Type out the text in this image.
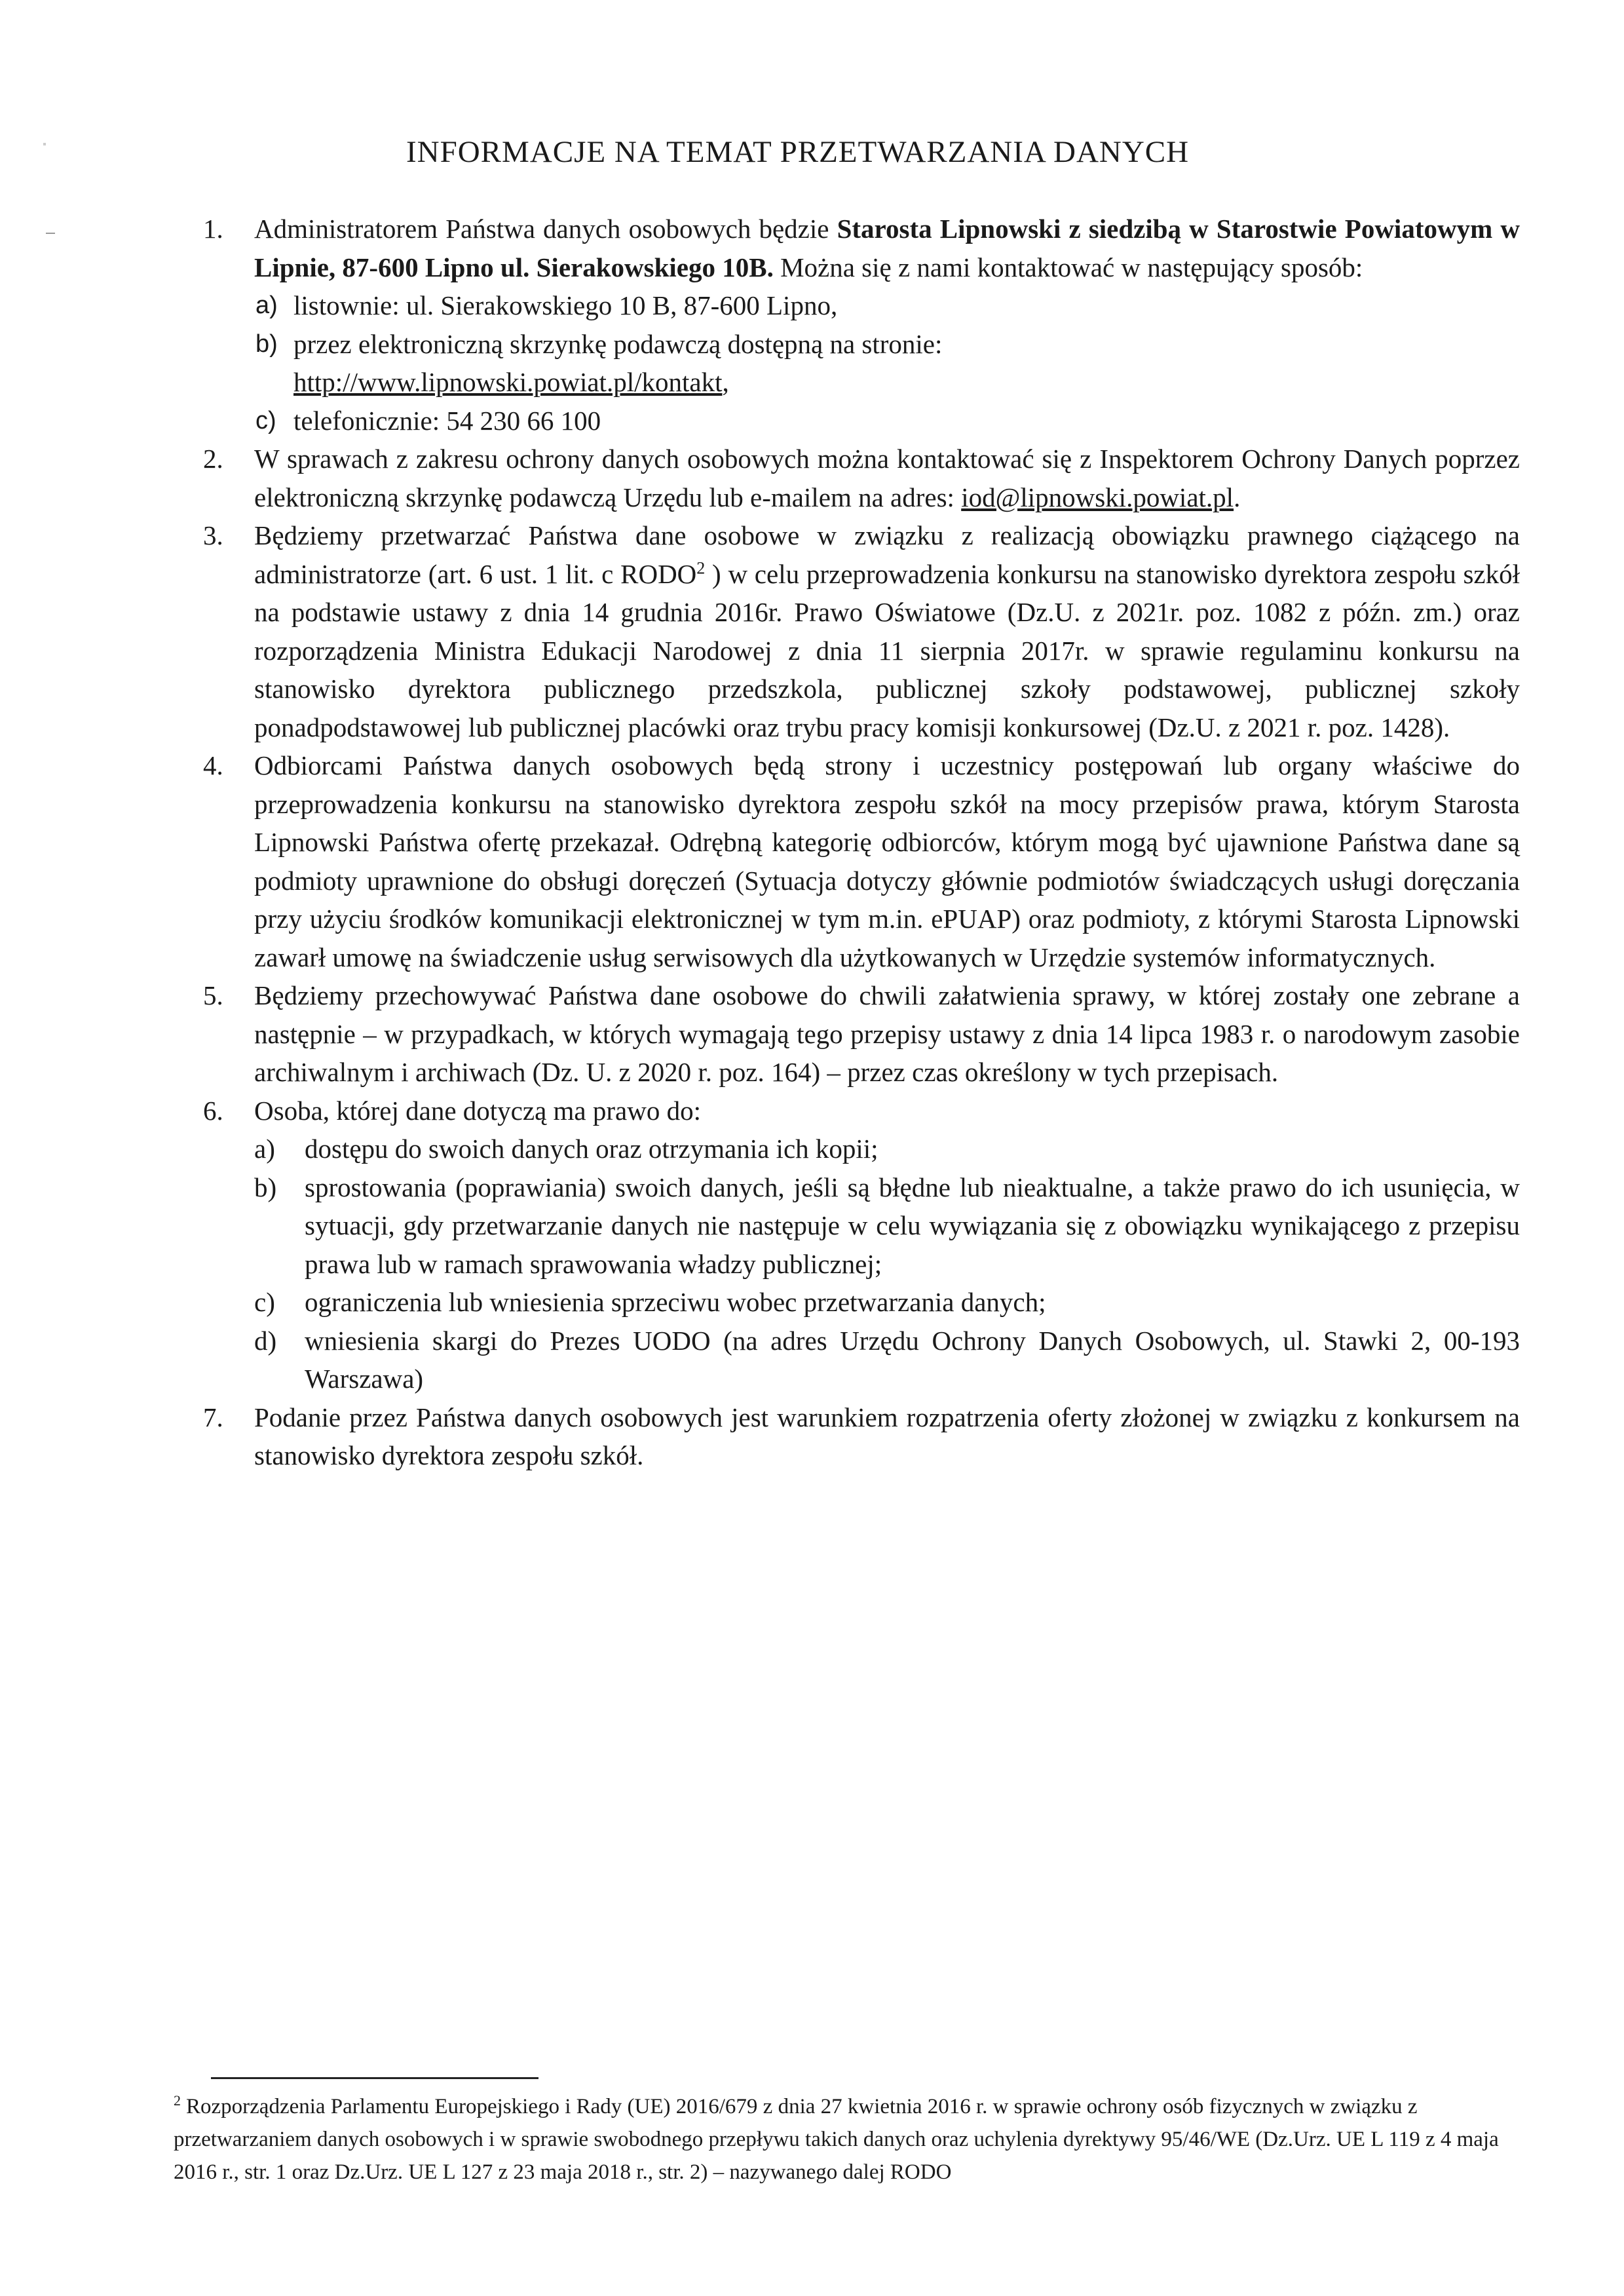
INFORMACJE NA TEMAT PRZETWARZANIA DANYCH
1. Administratorem Państwa danych osobowych będzie Starosta Lipnowski z siedzibą w Starostwie Powiatowym w Lipnie, 87-600 Lipno ul. Sierakowskiego 10B. Można się z nami kontaktować w następujący sposób:
a) listownie: ul. Sierakowskiego 10 B, 87-600 Lipno,
b) przez elektroniczną skrzynkę podawczą dostępną na stronie:
http://www.lipnowski.powiat.pl/kontakt,
c) telefonicznie: 54 230 66 100
2. W sprawach z zakresu ochrony danych osobowych można kontaktować się z Inspektorem Ochrony Danych poprzez elektroniczną skrzynkę podawczą Urzędu lub e-mailem na adres: iod@lipnowski.powiat.pl.
3. Będziemy przetwarzać Państwa dane osobowe w związku z realizacją obowiązku prawnego ciążącego na administratorze (art. 6 ust. 1 lit. c RODO$^2$ ) w celu przeprowadzenia konkursu na stanowisko dyrektora zespołu szkół na podstawie ustawy z dnia 14 grudnia 2016r. Prawo Oświatowe (Dz.U. z 2021r. poz. 1082 z późn. zm.) oraz rozporządzenia Ministra Edukacji Narodowej z dnia 11 sierpnia 2017r. w sprawie regulaminu konkursu na stanowisko dyrektora publicznego przedszkola, publicznej szkoły podstawowej, publicznej szkoły ponadpodstawowej lub publicznej placówki oraz trybu pracy komisji konkursowej (Dz.U. z 2021 r. poz. 1428).
4. Odbiorcami Państwa danych osobowych będą strony i uczestnicy postępowań lub organy właściwe do przeprowadzenia konkursu na stanowisko dyrektora zespołu szkół na mocy przepisów prawa, którym Starosta Lipnowski Państwa ofertę przekazał. Odrębną kategorię odbiorców, którym mogą być ujawnione Państwa dane są podmioty uprawnione do obsługi doręczeń (Sytuacja dotyczy głównie podmiotów świadczących usługi doręczania przy użyciu środków komunikacji elektronicznej w tym m.in. ePUAP) oraz podmioty, z którymi Starosta Lipnowski zawarł umowę na świadczenie usług serwisowych dla użytkowanych w Urzędzie systemów informatycznych.
5. Będziemy przechowywać Państwa dane osobowe do chwili załatwienia sprawy, w której zostały one zebrane a następnie – w przypadkach, w których wymagają tego przepisy ustawy z dnia 14 lipca 1983 r. o narodowym zasobie archiwalnym i archiwach (Dz. U. z 2020 r. poz. 164) – przez czas określony w tych przepisach.
6. Osoba, której dane dotyczą ma prawo do:
a) dostępu do swoich danych oraz otrzymania ich kopii;
b) sprostowania (poprawiania) swoich danych, jeśli są błędne lub nieaktualne, a także prawo do ich usunięcia, w sytuacji, gdy przetwarzanie danych nie następuje w celu wywiązania się z obowiązku wynikającego z przepisu prawa lub w ramach sprawowania władzy publicznej;
c) ograniczenia lub wniesienia sprzeciwu wobec przetwarzania danych;
d) wniesienia skargi do Prezes UODO (na adres Urzędu Ochrony Danych Osobowych, ul. Stawki 2, 00-193 Warszawa)
7. Podanie przez Państwa danych osobowych jest warunkiem rozpatrzenia oferty złożonej w związku z konkursem na stanowisko dyrektora zespołu szkół.
$^2$ Rozporządzenia Parlamentu Europejskiego i Rady (UE) 2016/679 z dnia 27 kwietnia 2016 r. w sprawie ochrony osób fizycznych w związku z przetwarzaniem danych osobowych i w sprawie swobodnego przepływu takich danych oraz uchylenia dyrektywy 95/46/WE (Dz.Urz. UE L 119 z 4 maja 2016 r., str. 1 oraz Dz.Urz. UE L 127 z 23 maja 2018 r., str. 2) – nazywanego dalej RODO
